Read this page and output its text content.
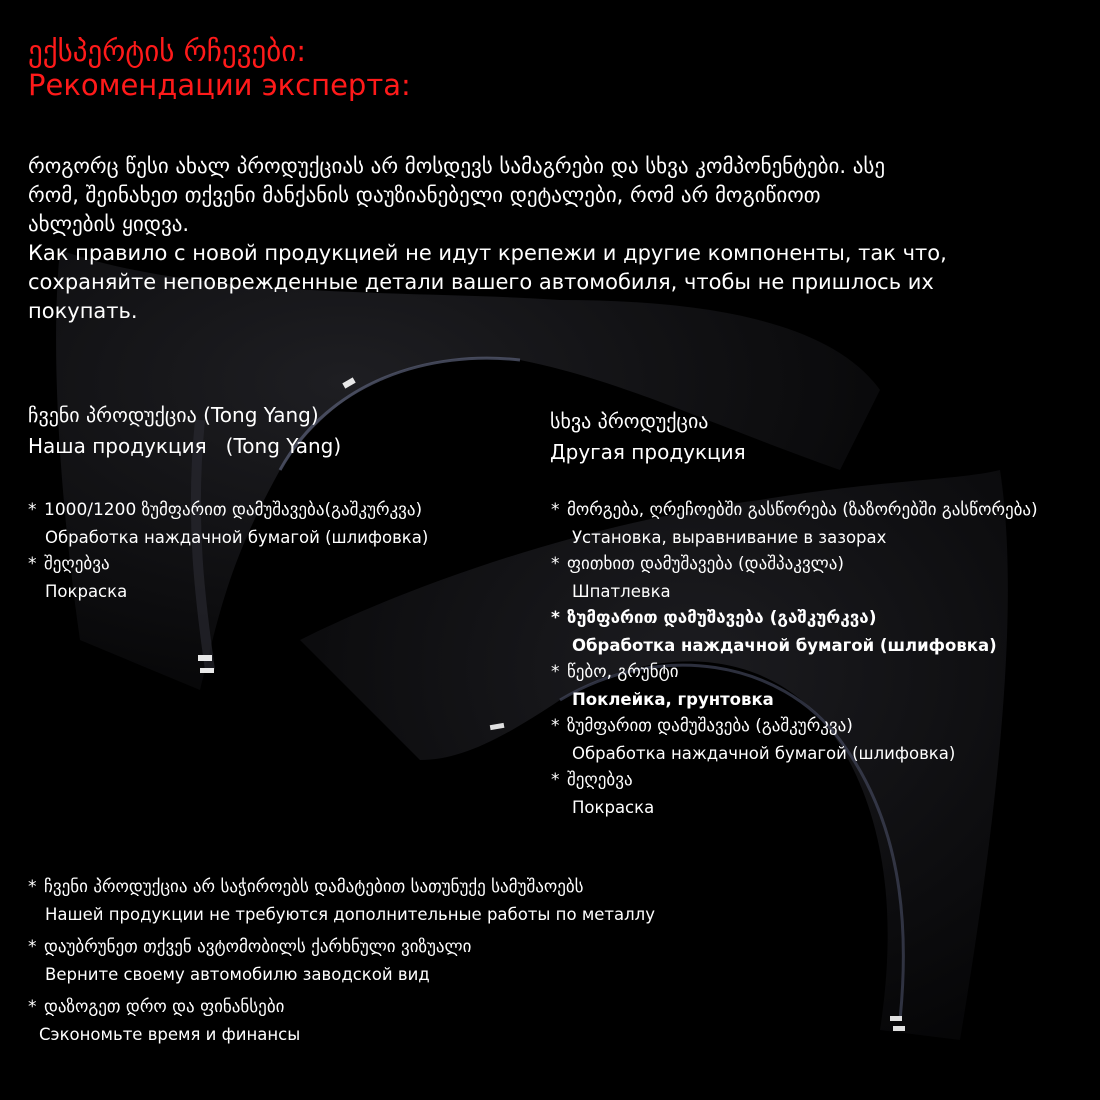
ექსპერტის რჩევები:
Рекомендации эксперта:
როგორც წესი ახალ პროდუქციას არ მოსდევს სამაგრები და სხვა კომპონენტები. ასე
რომ, შეინახეთ თქვენი მანქანის დაუზიანებელი დეტალები, რომ არ მოგიწიოთ
ახლების ყიდვა.
Как правило с новой продукцией не идут крепежи и другие компоненты, так что,
сохраняйте неповрежденные детали вашего автомобиля, чтобы не пришлось их
покупать.
ჩვენი პროდუქცია (Tong Yang)
Наша продукция   (Tong Yang)
სხვა პროდუქცია
Другая продукция
* 1000/1200 ზუმფარით დამუშავება(გაშკურკვა)
Обработка наждачной бумагой (шлифовка)
* შეღებვა
Покраска
* მორგება, ღრეჩოებში გასწორება (ზაზორებში გასწორება)
Установка, выравнивание в зазорах
* ფითხით დამუშავება (დაშპაკვლა)
Шпатлевка
* ზუმფარით დამუშავება (გაშკურკვა)
Обработка наждачной бумагой (шлифовка)
* წებო, გრუნტი
Поклейка, грунтовка
* ზუმფარით დამუშავება (გაშკურკვა)
Обработка наждачной бумагой (шлифовка)
* შეღებვა
Покраска
* ჩვენი პროდუქცია არ საჭიროებს დამატებით სათუნუქე სამუშაოებს
Нашей продукции не требуются дополнительные работы по металлу
* დაუბრუნეთ თქვენ ავტომობილს ქარხნული ვიზუალი
Верните своему автомобилю заводской вид
* დაზოგეთ დრო და ფინანსები
Сэкономьте время и финансы
